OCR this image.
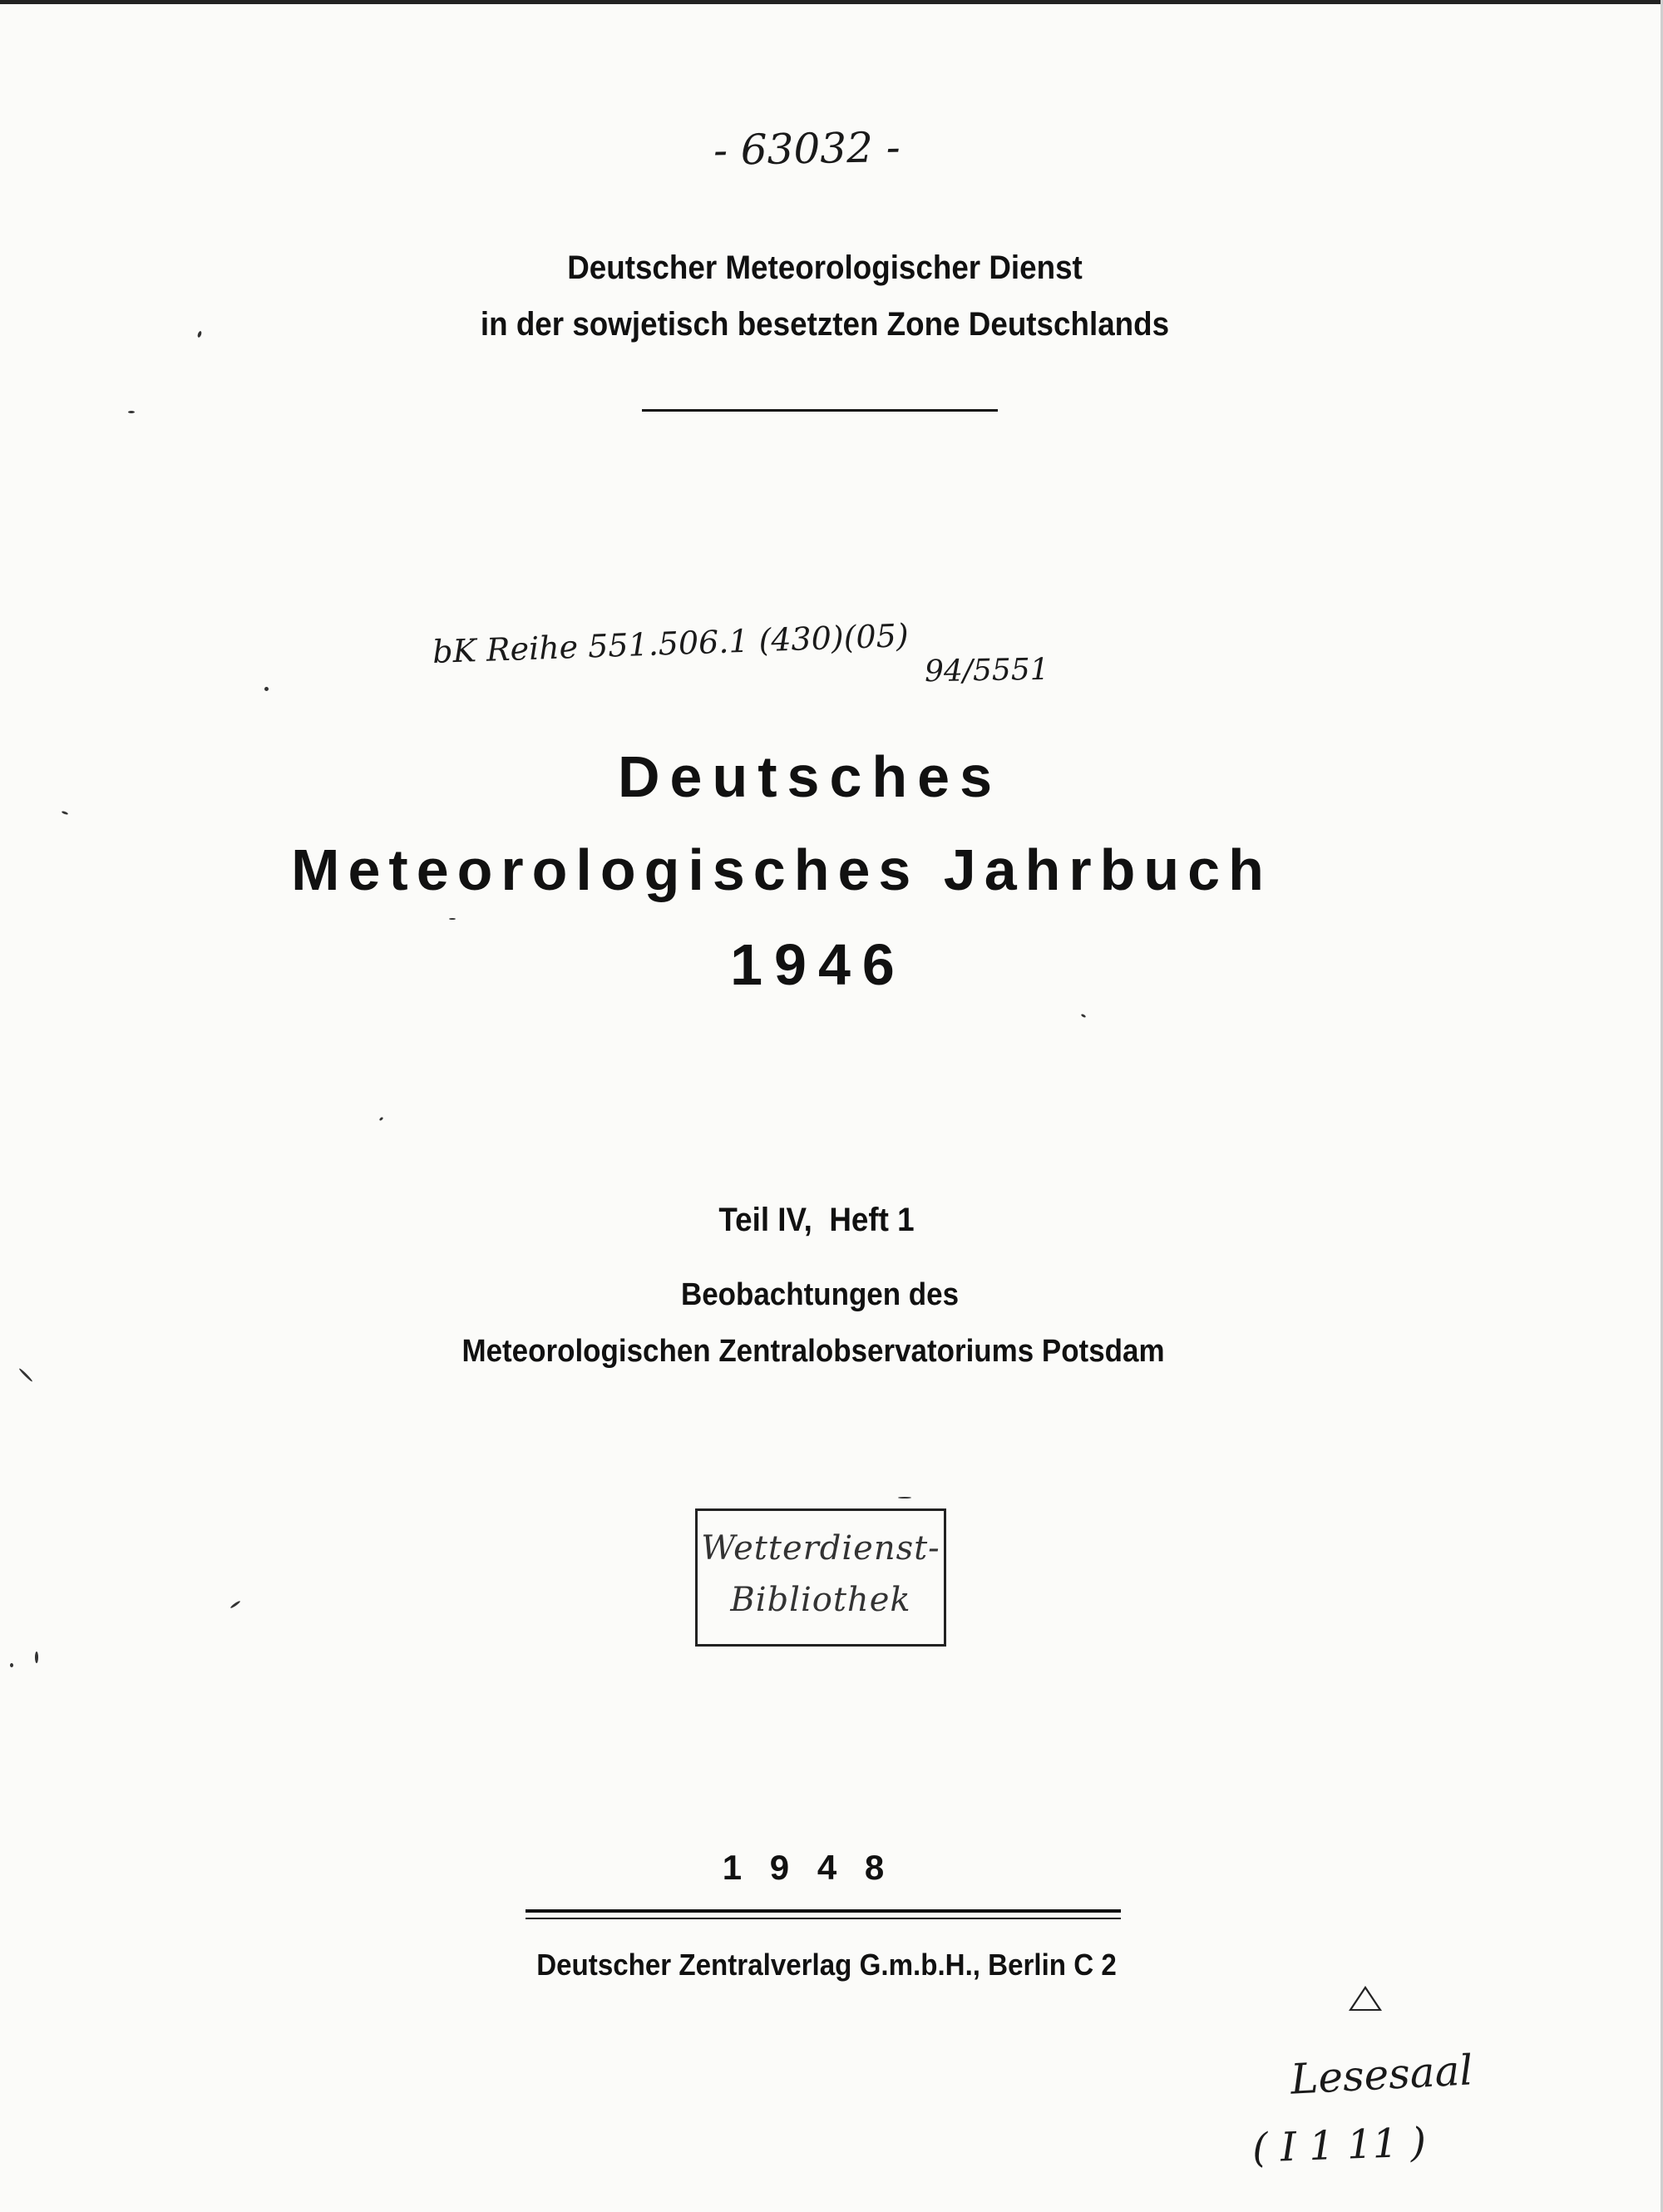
- 63032 -
Deutscher Meteorologischer Dienst
in der sowjetisch besetzten Zone Deutschlands
bK Reihe 551.506.1 (430)(05)
94/5551
Deutsches
Meteorologisches Jahrbuch
1946
Teil IV,  Heft 1
Beobachtungen des
Meteorologischen Zentralobservatoriums Potsdam
Wetterdienst-
Bibliothek
1 9 4 8
Deutscher Zentralverlag G.m.b.H., Berlin C 2
Lesesaal
( I 1 11 )
